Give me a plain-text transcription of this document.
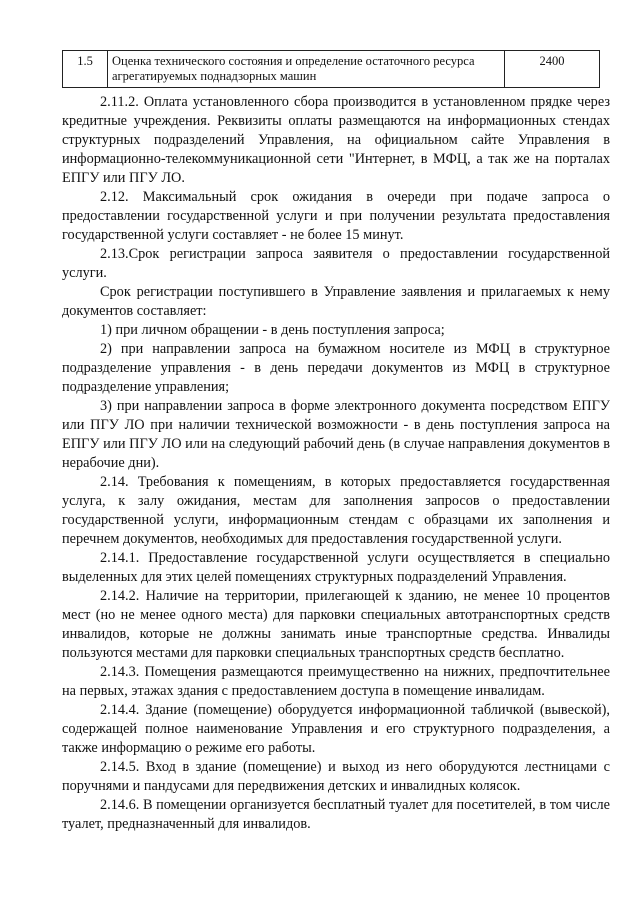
1.5	Оценка технического состояния и определение остаточного ресурса агрегатируемых поднадзорных машин	2400

2.11.2. Оплата установленного сбора производится в установленном прядке через кредитные учреждения. Реквизиты оплаты размещаются на информационных стендах структурных подразделений Управления, на официальном сайте Управления в информационно-телекоммуникационной сети "Интернет, в МФЦ, а так же на порталах ЕПГУ или ПГУ ЛО.

2.12. Максимальный срок ожидания в очереди при подаче запроса о предоставлении государственной услуги и при получении результата предоставления государственной услуги составляет - не более 15 минут.

2.13.Срок регистрации запроса заявителя о предоставлении государственной услуги.

Срок регистрации поступившего в Управление заявления и прилагаемых к нему документов составляет:

1) при личном обращении - в день поступления запроса;

2) при направлении запроса на бумажном носителе из МФЦ в структурное подразделение управления - в день передачи документов из МФЦ в структурное подразделение управления;

3) при направлении запроса в форме электронного документа посредством ЕПГУ или ПГУ ЛО при наличии технической возможности - в день поступления запроса на ЕПГУ или ПГУ ЛО или на следующий рабочий день (в случае направления документов в нерабочие дни).

2.14. Требования к помещениям, в которых предоставляется государственная услуга, к залу ожидания, местам для заполнения запросов о предоставлении государственной услуги, информационным стендам с образцами их заполнения и перечнем документов, необходимых для предоставления государственной услуги.

2.14.1. Предоставление государственной услуги осуществляется в специально выделенных для этих целей помещениях структурных подразделений Управления.

2.14.2. Наличие на территории, прилегающей к зданию, не менее 10 процентов мест (но не менее одного места) для парковки специальных автотранспортных средств инвалидов, которые не должны занимать иные транспортные средства. Инвалиды пользуются местами для парковки специальных транспортных средств бесплатно.

2.14.3. Помещения размещаются преимущественно на нижних, предпочтительнее на первых, этажах здания с предоставлением доступа в помещение инвалидам.

2.14.4. Здание (помещение) оборудуется информационной табличкой (вывеской), содержащей полное наименование Управления и его структурного подразделения, а также информацию о режиме его работы.

2.14.5. Вход в здание (помещение) и выход из него оборудуются лестницами с поручнями и пандусами для передвижения детских и инвалидных колясок.

2.14.6. В помещении организуется бесплатный туалет для посетителей, в том числе туалет, предназначенный для инвалидов.
